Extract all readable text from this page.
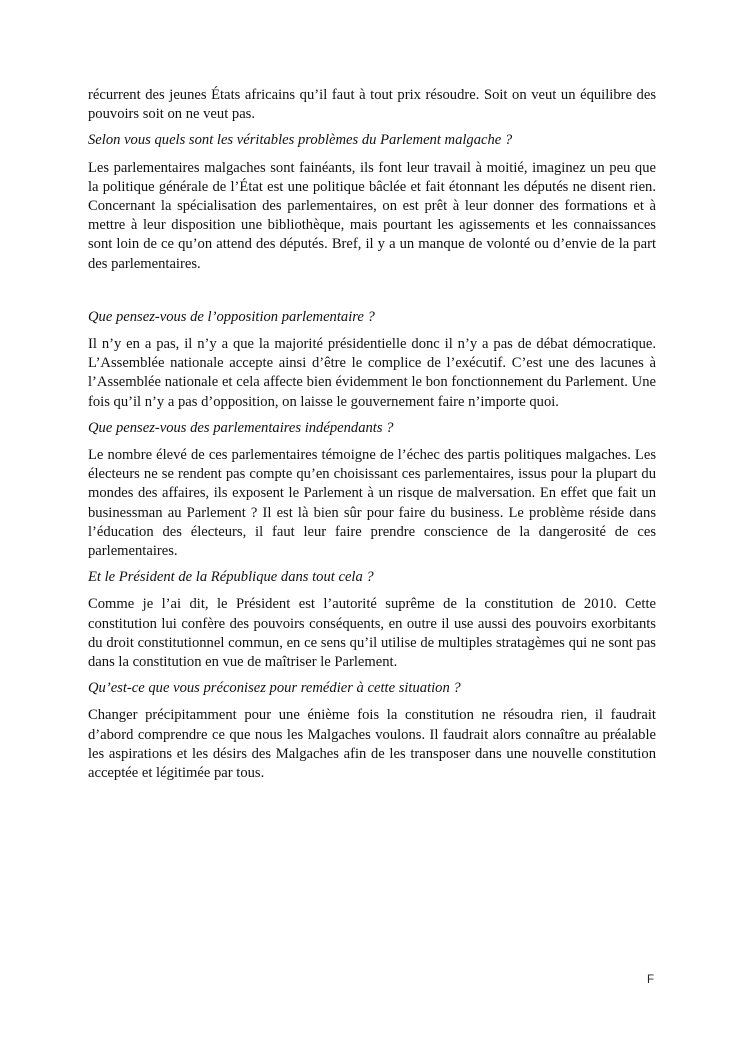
récurrent des jeunes États africains qu’il faut à tout prix résoudre. Soit on veut un équilibre des pouvoirs soit on ne veut pas.

Selon vous quels sont les véritables problèmes du Parlement malgache ?

Les parlementaires malgaches sont fainéants, ils font leur travail à moitié, imaginez un peu que la politique générale de l’État est une politique bâclée et fait étonnant les députés ne disent rien. Concernant la spécialisation des parlementaires, on est prêt à leur donner des formations et à mettre à leur disposition une bibliothèque, mais pourtant les agissements et les connaissances sont loin de ce qu’on attend des députés. Bref, il y a un manque de volonté ou d’envie de la part des parlementaires.

Que pensez-vous de l’opposition parlementaire ?

Il n’y en a pas, il n’y a que la majorité présidentielle donc il n’y a pas de débat démocratique. L’Assemblée nationale accepte ainsi d’être le complice de l’exécutif. C’est une des lacunes à l’Assemblée nationale et cela affecte bien évidemment le bon fonctionnement du Parlement. Une fois qu’il n’y a pas d’opposition, on laisse le gouvernement faire n’importe quoi.

Que pensez-vous des parlementaires indépendants ?

Le nombre élevé de ces parlementaires témoigne de l’échec des partis politiques malgaches. Les électeurs ne se rendent pas compte qu’en choisissant ces parlementaires, issus pour la plupart du mondes des affaires, ils exposent le Parlement à un risque de malversation. En effet que fait un businessman au Parlement ? Il est là bien sûr pour faire du business. Le problème réside dans l’éducation des électeurs, il faut leur faire prendre conscience de la dangerosité de ces parlementaires.

Et le Président de la République dans tout cela ?

Comme je l’ai dit, le Président est l’autorité suprême de la constitution de 2010. Cette constitution lui confère des pouvoirs conséquents, en outre il use aussi des pouvoirs exorbitants du droit constitutionnel commun, en ce sens qu’il utilise de multiples stratagèmes qui ne sont pas dans la constitution en vue de maîtriser le Parlement.

Qu’est-ce que vous préconisez pour remédier à cette situation ?

Changer précipitamment pour une énième fois la constitution ne résoudra rien, il faudrait d’abord comprendre ce que nous les Malgaches voulons. Il faudrait alors connaître au préalable les aspirations et les désirs des Malgaches afin de les transposer dans une nouvelle constitution acceptée et légitimée par tous.

F
